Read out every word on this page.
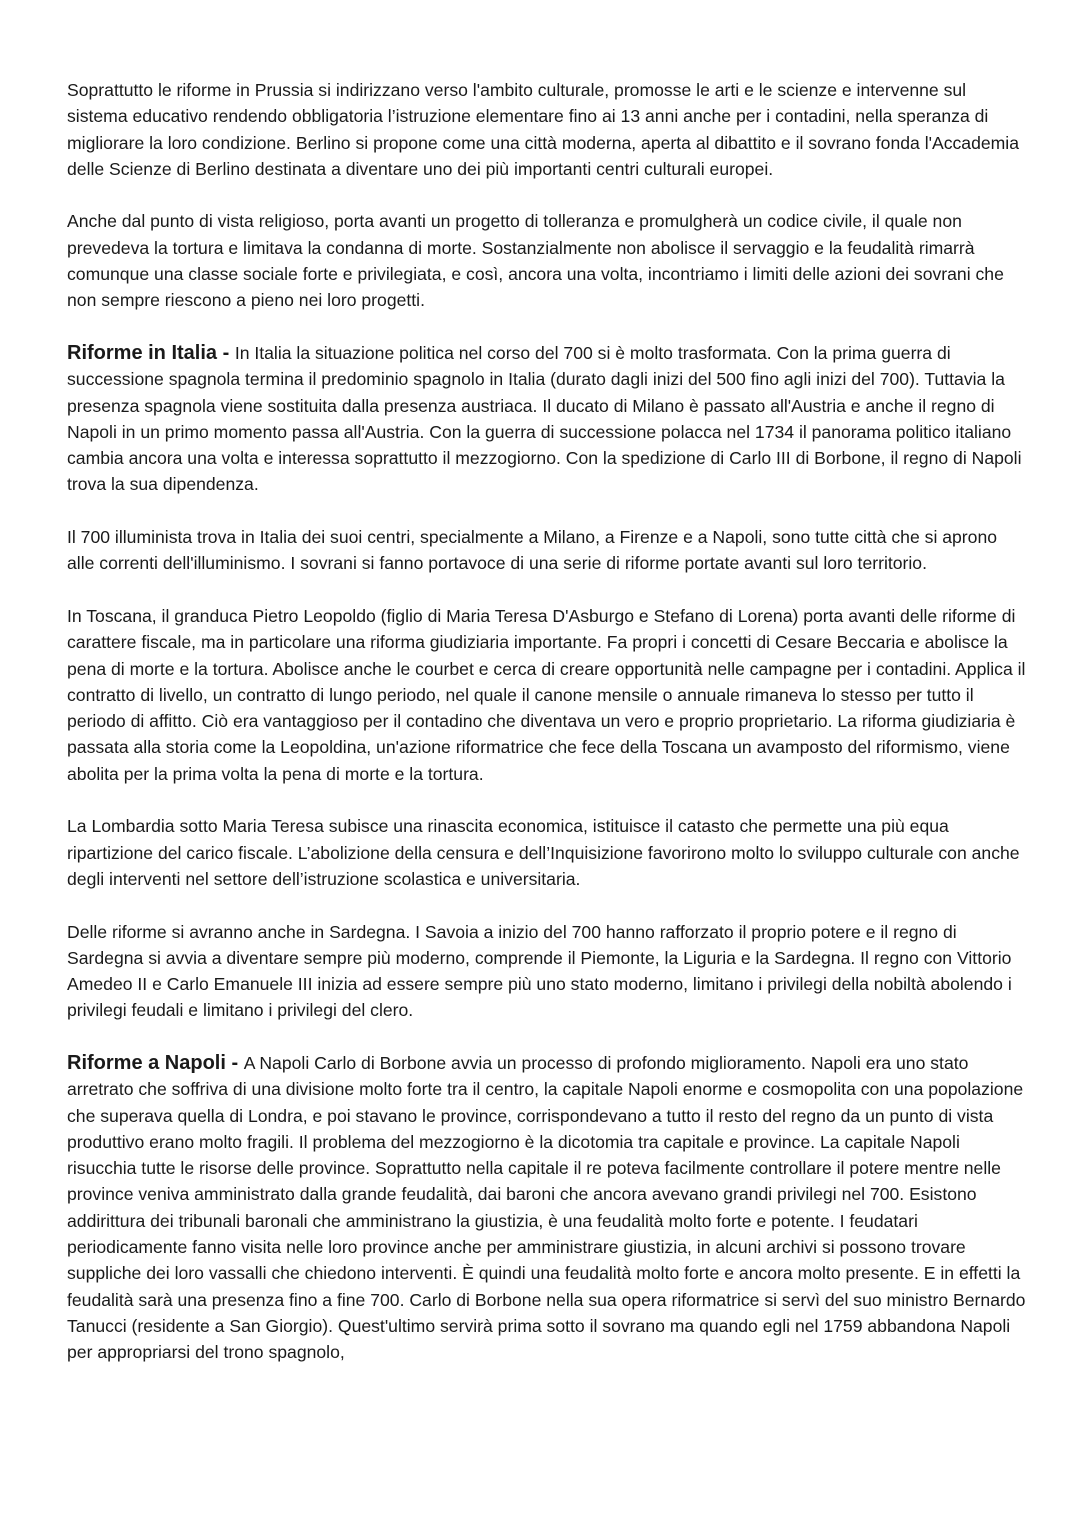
Soprattutto le riforme in Prussia si indirizzano verso l'ambito culturale, promosse le arti e le scienze e intervenne sul sistema educativo rendendo obbligatoria l’istruzione elementare fino ai 13 anni anche per i contadini, nella speranza di migliorare la loro condizione. Berlino si propone come una città moderna, aperta al dibattito e il sovrano fonda l'Accademia delle Scienze di Berlino destinata a diventare uno dei più importanti centri culturali europei.

Anche dal punto di vista religioso, porta avanti un progetto di tolleranza e promulgherà un codice civile, il quale non prevedeva la tortura e limitava la condanna di morte. Sostanzialmente non abolisce il servaggio e la feudalità rimarrà comunque una classe sociale forte e privilegiata, e così, ancora una volta, incontriamo i limiti delle azioni dei sovrani che non sempre riescono a pieno nei loro progetti.

Riforme in Italia - In Italia la situazione politica nel corso del 700 si è molto trasformata. Con la prima guerra di successione spagnola termina il predominio spagnolo in Italia (durato dagli inizi del 500 fino agli inizi del 700). Tuttavia la presenza spagnola viene sostituita dalla presenza austriaca. Il ducato di Milano è passato all'Austria e anche il regno di Napoli in un primo momento passa all'Austria. Con la guerra di successione polacca nel 1734 il panorama politico italiano cambia ancora una volta e interessa soprattutto il mezzogiorno. Con la spedizione di Carlo III di Borbone, il regno di Napoli trova la sua dipendenza.

Il 700 illuminista trova in Italia dei suoi centri, specialmente a Milano, a Firenze e a Napoli, sono tutte città che si aprono alle correnti dell'illuminismo. I sovrani si fanno portavoce di una serie di riforme portate avanti sul loro territorio.

In Toscana, il granduca Pietro Leopoldo (figlio di Maria Teresa D'Asburgo e Stefano di Lorena) porta avanti delle riforme di carattere fiscale, ma in particolare una riforma giudiziaria importante. Fa propri i concetti di Cesare Beccaria e abolisce la pena di morte e la tortura. Abolisce anche le courbet e cerca di creare opportunità nelle campagne per i contadini. Applica il contratto di livello, un contratto di lungo periodo, nel quale il canone mensile o annuale rimaneva lo stesso per tutto il periodo di affitto. Ciò era vantaggioso per il contadino che diventava un vero e proprio proprietario. La riforma giudiziaria è passata alla storia come la Leopoldina, un'azione riformatrice che fece della Toscana un avamposto del riformismo, viene abolita per la prima volta la pena di morte e la tortura.

La Lombardia sotto Maria Teresa subisce una rinascita economica, istituisce il catasto che permette una più equa ripartizione del carico fiscale. L’abolizione della censura e dell’Inquisizione favorirono molto lo sviluppo culturale con anche degli interventi nel settore dell’istruzione scolastica e universitaria.

Delle riforme si avranno anche in Sardegna. I Savoia a inizio del 700 hanno rafforzato il proprio potere e il regno di Sardegna si avvia a diventare sempre più moderno, comprende il Piemonte, la Liguria e la Sardegna. Il regno con Vittorio Amedeo II e Carlo Emanuele III inizia ad essere sempre più uno stato moderno, limitano i privilegi della nobiltà abolendo i privilegi feudali e limitano i privilegi del clero.

Riforme a Napoli - A Napoli Carlo di Borbone avvia un processo di profondo miglioramento. Napoli era uno stato arretrato che soffriva di una divisione molto forte tra il centro, la capitale Napoli enorme e cosmopolita con una popolazione che superava quella di Londra, e poi stavano le province, corrispondevano a tutto il resto del regno da un punto di vista produttivo erano molto fragili. Il problema del mezzogiorno è la dicotomia tra capitale e province. La capitale Napoli risucchia tutte le risorse delle province. Soprattutto nella capitale il re poteva facilmente controllare il potere mentre nelle province veniva amministrato dalla grande feudalità, dai baroni che ancora avevano grandi privilegi nel 700. Esistono addirittura dei tribunali baronali che amministrano la giustizia, è una feudalità molto forte e potente. I feudatari periodicamente fanno visita nelle loro province anche per amministrare giustizia, in alcuni archivi si possono trovare suppliche dei loro vassalli che chiedono interventi. È quindi una feudalità molto forte e ancora molto presente. E in effetti la feudalità sarà una presenza fino a fine 700. Carlo di Borbone nella sua opera riformatrice si servì del suo ministro Bernardo Tanucci (residente a San Giorgio). Quest'ultimo servirà prima sotto il sovrano ma quando egli nel 1759 abbandona Napoli per appropriarsi del trono spagnolo,
